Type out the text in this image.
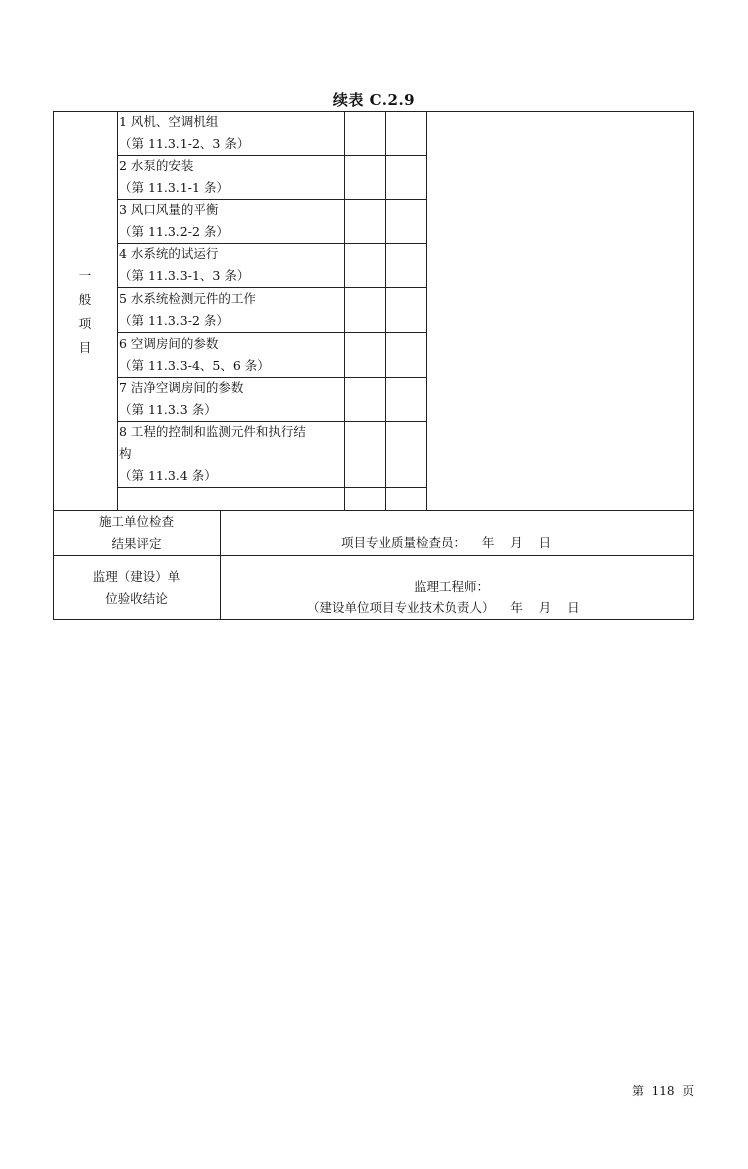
续表 C.2.9
一
般
项
目
1 风机、空调机组
（第 11.3.1-2、3 条）
2 水泵的安装
（第 11.3.1-1 条）
3 风口风量的平衡
（第 11.3.2-2 条）
4 水系统的试运行
（第 11.3.3-1、3 条）
5 水系统检测元件的工作
（第 11.3.3-2 条）
6 空调房间的参数
（第 11.3.3-4、5、6 条）
7 洁净空调房间的参数
（第 11.3.3 条）
8 工程的控制和监测元件和执行结
构
（第 11.3.4 条）
施工单位检查
结果评定	项目专业质量检查员：    年    月    日
监理（建设）单
位验收结论
监理工程师：
（建设单位项目专业技术负责人）    年    月    日
第  118  页
